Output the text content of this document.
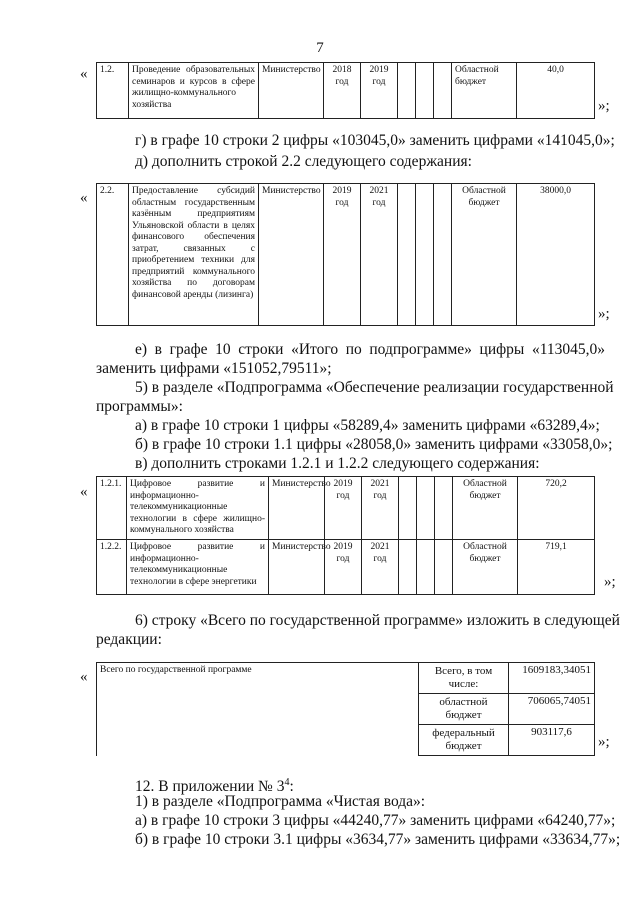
7
« 1.2.	Проведение образовательных семинаров и курсов в сфере жилищно-коммунального хозяйства	Министерство	2018 год	2019 год				Областной бюджет	40,0
»;
г) в графе 10 строки 2 цифры «103045,0» заменить цифрами «141045,0»;
д) дополнить строкой 2.2 следующего содержания:
« 2.2.	Предоставление субсидий областным государственным казённым предприятиям Ульяновской области в целях финансового обеспечения затрат, связанных с приобретением техники для предприятий коммунального хозяйства по договорам финансовой аренды (лизинга)	Министерство	2019 год	2021 год				Областной бюджет	38000,0
»;
е) в графе 10 строки «Итого по подпрограмме» цифры «113045,0»
заменить цифрами «151052,79511»;
5) в разделе «Подпрограмма «Обеспечение реализации государственной
программы»:
а) в графе 10 строки 1 цифры «58289,4» заменить цифрами «63289,4»;
б) в графе 10 строки 1.1 цифры «28058,0» заменить цифрами «33058,0»;
в) дополнить строками 1.2.1 и 1.2.2 следующего содержания:
« 1.2.1.	Цифровое развитие и информационно-телекоммуникационные технологии в сфере жилищно-коммунального хозяйства	Министерство	2019 год	2021 год				Областной бюджет	720,2
1.2.2.	Цифровое развитие и информационно-телекоммуникационные технологии в сфере энергетики	Министерство	2019 год	2021 год				Областной бюджет	719,1
»;
6) строку «Всего по государственной программе» изложить в следующей
редакции:
« Всего по государственной программе	Всего, в том числе:	1609183,34051
	областной бюджет	706065,74051
	федеральный бюджет	903117,6
»;
12. В приложении № $3^4$:
1) в разделе «Подпрограмма «Чистая вода»:
а) в графе 10 строки 3 цифры «44240,77» заменить цифрами «64240,77»;
б) в графе 10 строки 3.1 цифры «3634,77» заменить цифрами «33634,77»;
